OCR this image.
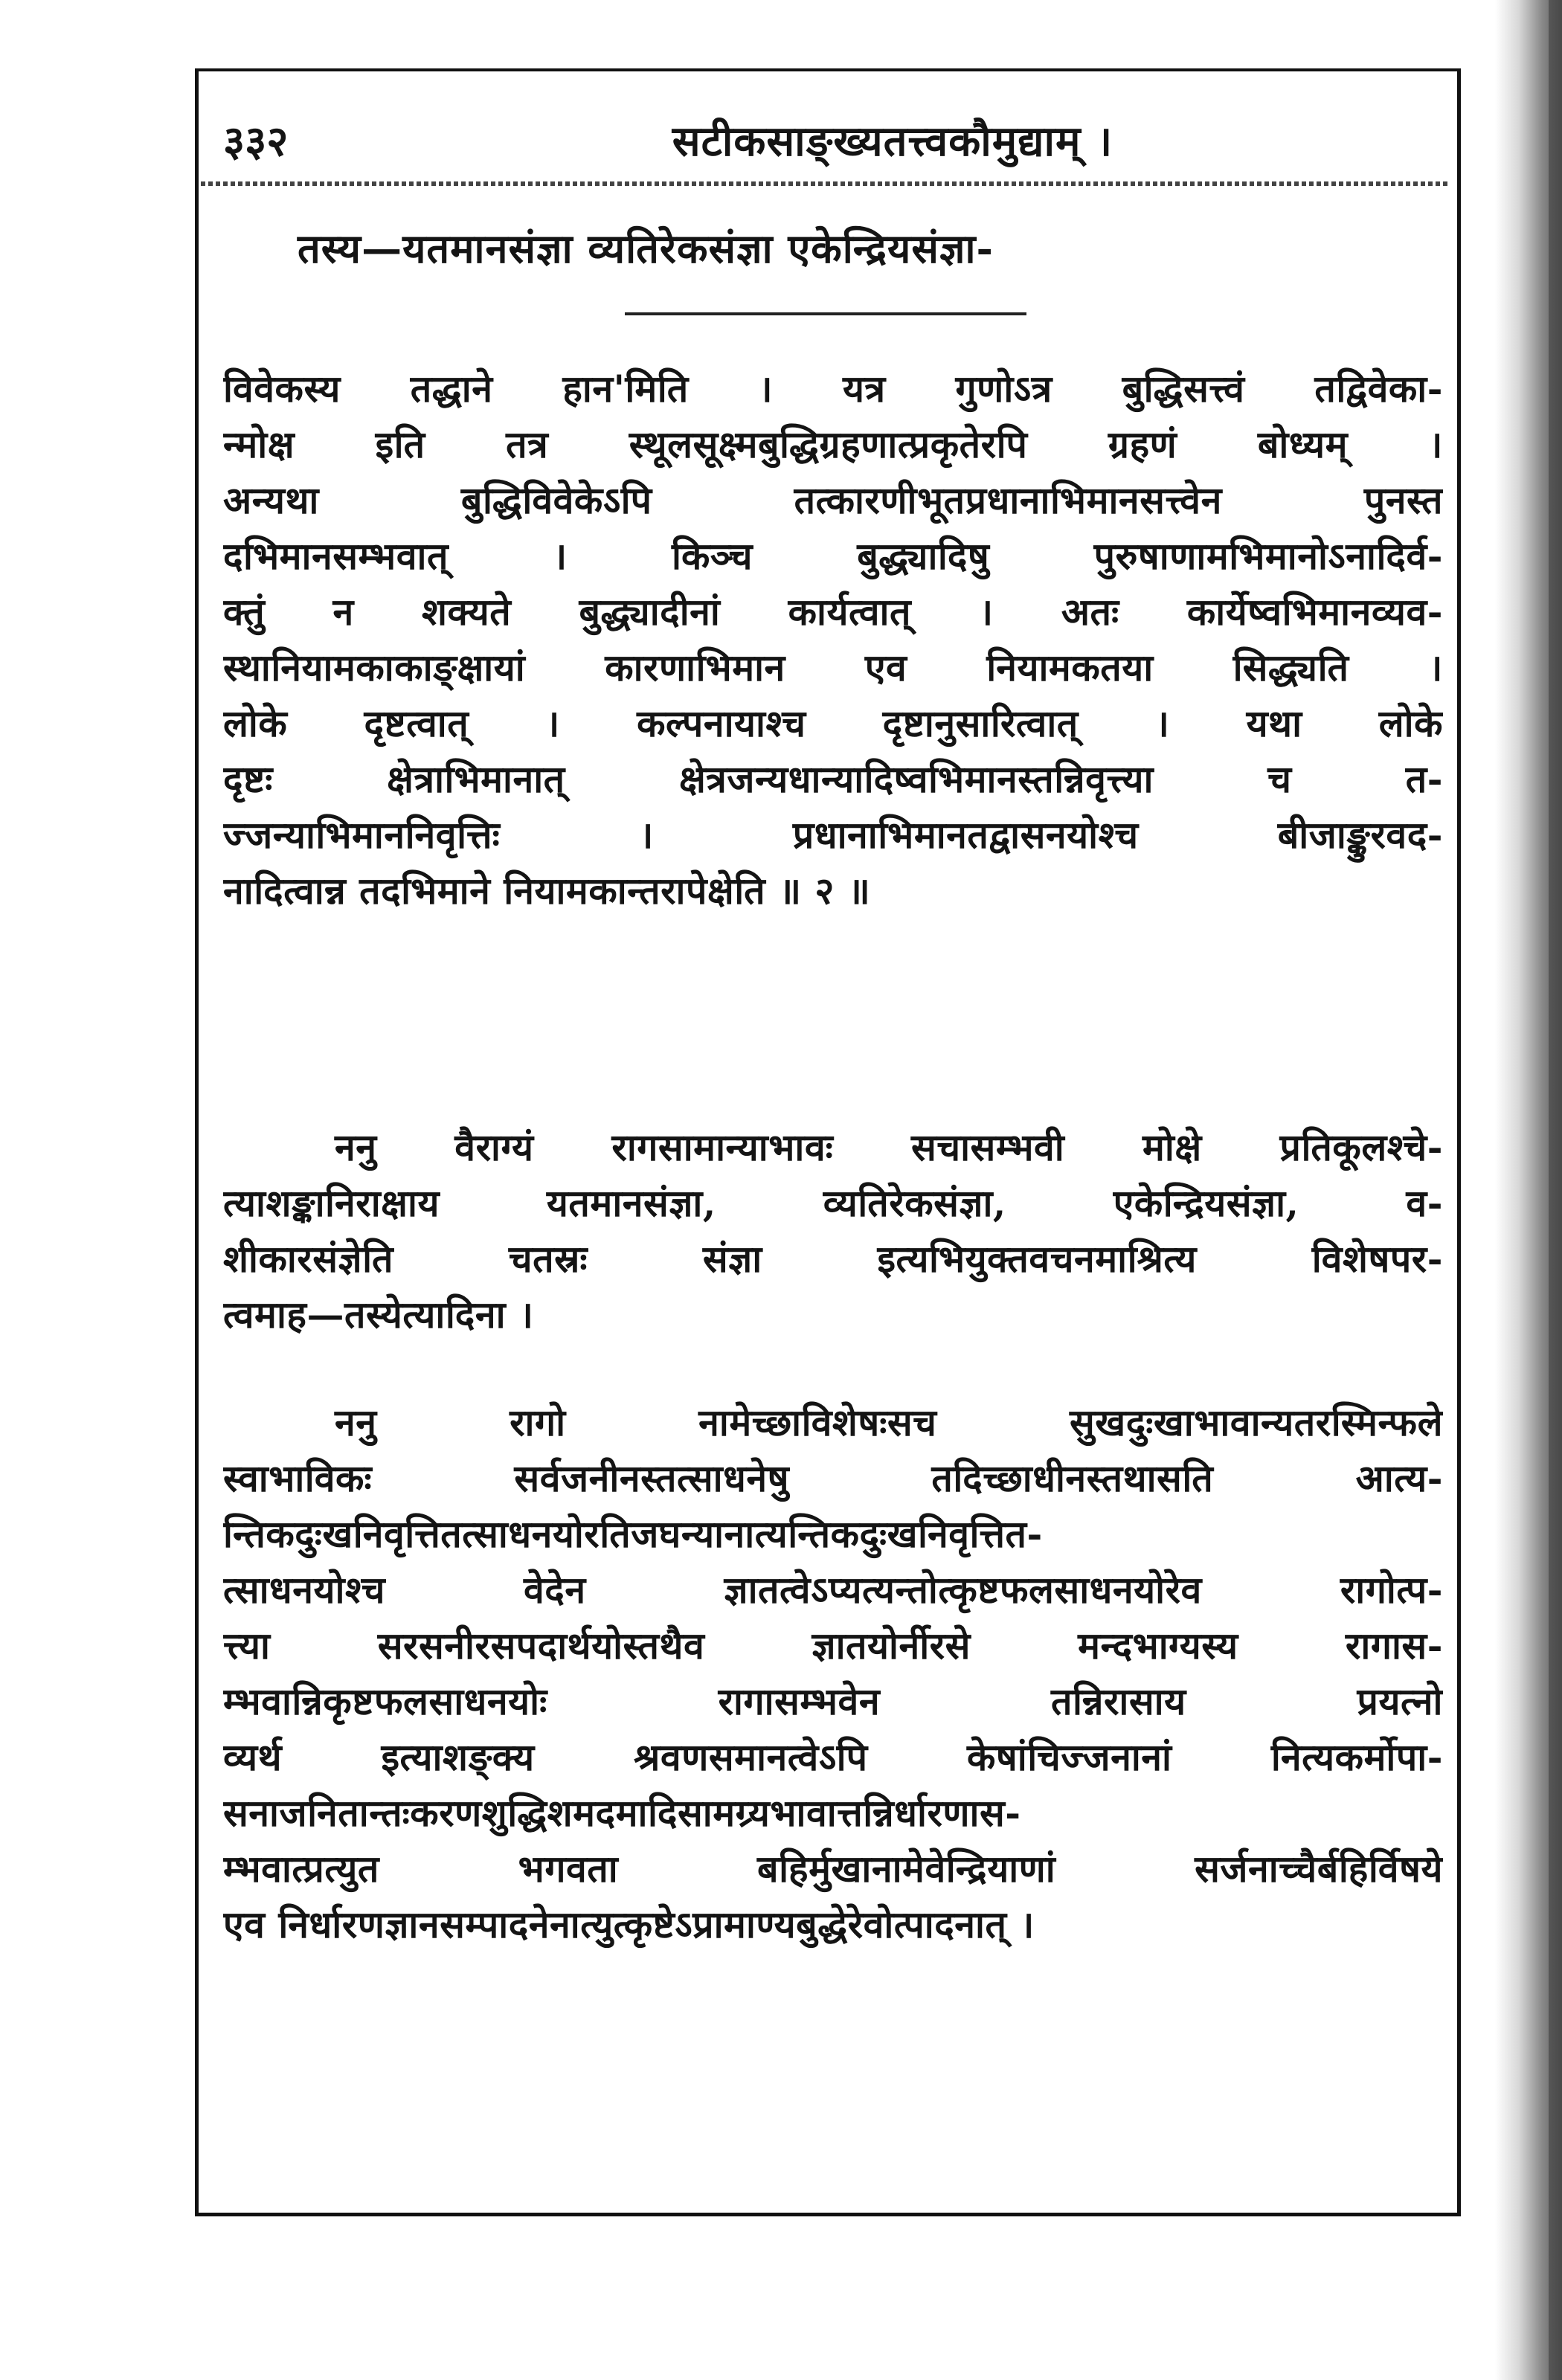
३३२	सटीकसाङ्ख्यतत्त्वकौमुद्याम् ।
तस्य—यतमानसंज्ञा व्यतिरेकसंज्ञा एकेन्द्रियसंज्ञा-
विवेकस्य तद्धाने हान'मिति । यत्र गुणोऽत्र बुद्धिसत्त्वं तद्विवेका-
न्मोक्ष इति तत्र स्थूलसूक्ष्मबुद्धिग्रहणात्प्रकृतेरपि ग्रहणं बोध्यम् ।
अन्यथा बुद्धिविवेकेऽपि तत्कारणीभूतप्रधानाभिमानसत्त्वेन पुनस्त
दभिमानसम्भवात् । किञ्च बुद्ध्यादिषु पुरुषाणामभिमानोऽनादिर्व-
क्तुं न शक्यते बुद्ध्यादीनां कार्यत्वात् । अतः कार्येष्वभिमानव्यव-
स्थानियामकाकाङ्क्षायां कारणाभिमान एव नियामकतया सिद्ध्यति ।
लोके दृष्टत्वात् । कल्पनायाश्च दृष्टानुसारित्वात् । यथा लोके
दृष्टः क्षेत्राभिमानात् क्षेत्रजन्यधान्यादिष्वभिमानस्तन्निवृत्त्या च त-
ज्जन्याभिमाननिवृत्तिः । प्रधानाभिमानतद्वासनयोश्च बीजाङ्कुरवद-
नादित्वान्न तदभिमाने नियामकान्तरापेक्षेति ॥ २ ॥
ननु वैराग्यं रागसामान्याभावः सचासम्भवी मोक्षे प्रतिकूलश्चे-
त्याशङ्कानिराक्षाय यतमानसंज्ञा, व्यतिरेकसंज्ञा, एकेन्द्रियसंज्ञा, व-
शीकारसंज्ञेति चतस्रः संज्ञा इत्यभियुक्तवचनमाश्रित्य विशेषपर-
त्वमाह—तस्येत्यादिना ।
ननु रागो नामेच्छाविशेषःसच सुखदुःखाभावान्यतरस्मिन्फले
स्वाभाविकः सर्वजनीनस्तत्साधनेषु तदिच्छाधीनस्तथासति आत्य-
न्तिकदुःखनिवृत्तितत्साधनयोरतिजघन्यानात्यन्तिकदुःखनिवृत्तित-
त्साधनयोश्च वेदेन ज्ञातत्वेऽप्यत्यन्तोत्कृष्टफलसाधनयोरेव रागोत्प-
त्त्या सरसनीरसपदार्थयोस्तथैव ज्ञातयोर्नीरसे मन्दभाग्यस्य रागास-
म्भवान्निकृष्टफलसाधनयोः रागासम्भवेन तन्निरासाय प्रयत्नो
व्यर्थ इत्याशङ्क्य श्रवणसमानत्वेऽपि केषांचिज्जनानां नित्यकर्मोपा-
सनाजनितान्तःकरणशुद्धिशमदमादिसामग्र्यभावात्तन्निर्धारणास-
म्भवात्प्रत्युत भगवता बहिर्मुखानामेवेन्द्रियाणां सर्जनाच्चैर्बहिर्विषये
एव निर्धारणज्ञानसम्पादनेनात्युत्कृष्टेऽप्रामाण्यबुद्धेरेवोत्पादनात् ।
